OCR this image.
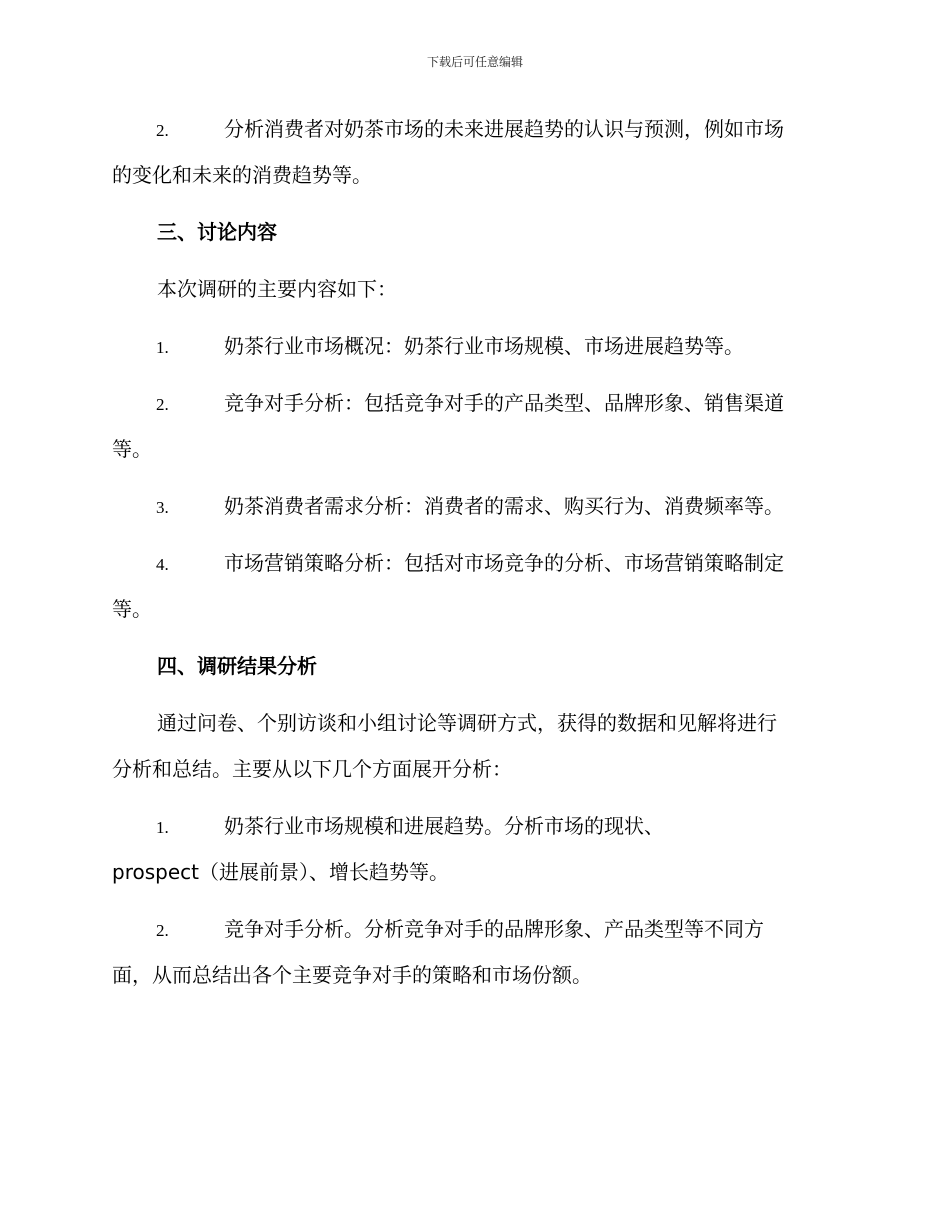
下载后可任意编辑
2.	分析消费者对奶茶市场的未来进展趋势的认识与预测，例如市场
的变化和未来的消费趋势等。
三、讨论内容
本次调研的主要内容如下：
1.	奶茶行业市场概况：奶茶行业市场规模、市场进展趋势等。
2.	竞争对手分析：包括竞争对手的产品类型、品牌形象、销售渠道
等。
3.	奶茶消费者需求分析：消费者的需求、购买行为、消费频率等。
4.	市场营销策略分析：包括对市场竞争的分析、市场营销策略制定
等。
四、调研结果分析
通过问卷、个别访谈和小组讨论等调研方式，获得的数据和见解将进行
分析和总结。主要从以下几个方面展开分析：
1.	奶茶行业市场规模和进展趋势。分析市场的现状、
prospect（进展前景）、增长趋势等。
2.	竞争对手分析。分析竞争对手的品牌形象、产品类型等不同方
面，从而总结出各个主要竞争对手的策略和市场份额。
